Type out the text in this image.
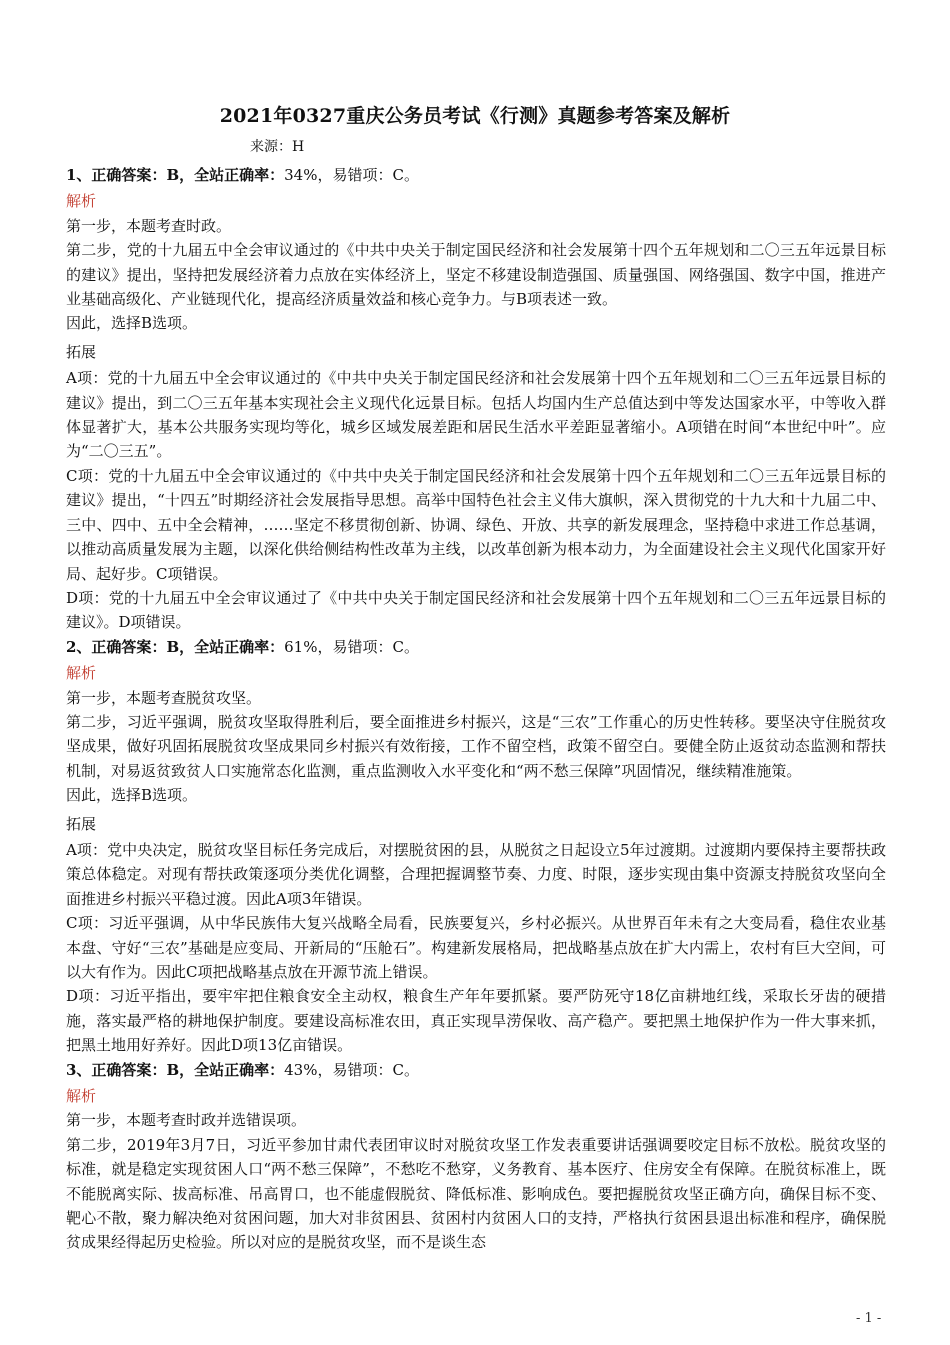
2021年0327重庆公务员考试《行测》真题参考答案及解析
来源：H

1、正确答案：B，全站正确率：34%，易错项：C。

解析

第一步，本题考查时政。

第二步，党的十九届五中全会审议通过的《中共中央关于制定国民经济和社会发展第十四个五年规划和二〇三五年远景目标的建议》提出，坚持把发展经济着力点放在实体经济上，坚定不移建设制造强国、质量强国、网络强国、数字中国，推进产业基础高级化、产业链现代化，提高经济质量效益和核心竞争力。与B项表述一致。

因此，选择B选项。

拓展

A项：党的十九届五中全会审议通过的《中共中央关于制定国民经济和社会发展第十四个五年规划和二〇三五年远景目标的建议》提出，到二〇三五年基本实现社会主义现代化远景目标。包括人均国内生产总值达到中等发达国家水平，中等收入群体显著扩大，基本公共服务实现均等化，城乡区域发展差距和居民生活水平差距显著缩小。A项错在时间“本世纪中叶”。应为“二〇三五”。

C项：党的十九届五中全会审议通过的《中共中央关于制定国民经济和社会发展第十四个五年规划和二〇三五年远景目标的建议》提出，“十四五”时期经济社会发展指导思想。高举中国特色社会主义伟大旗帜，深入贯彻党的十九大和十九届二中、三中、四中、五中全会精神，……坚定不移贯彻创新、协调、绿色、开放、共享的新发展理念，坚持稳中求进工作总基调，以推动高质量发展为主题，以深化供给侧结构性改革为主线，以改革创新为根本动力，为全面建设社会主义现代化国家开好局、起好步。C项错误。

D项：党的十九届五中全会审议通过了《中共中央关于制定国民经济和社会发展第十四个五年规划和二〇三五年远景目标的建议》。D项错误。

2、正确答案：B，全站正确率：61%，易错项：C。

解析

第一步，本题考查脱贫攻坚。

第二步，习近平强调，脱贫攻坚取得胜利后，要全面推进乡村振兴，这是“三农”工作重心的历史性转移。要坚决守住脱贫攻坚成果，做好巩固拓展脱贫攻坚成果同乡村振兴有效衔接，工作不留空档，政策不留空白。要健全防止返贫动态监测和帮扶机制，对易返贫致贫人口实施常态化监测，重点监测收入水平变化和“两不愁三保障”巩固情况，继续精准施策。

因此，选择B选项。

拓展

A项：党中央决定，脱贫攻坚目标任务完成后，对摆脱贫困的县，从脱贫之日起设立5年过渡期。过渡期内要保持主要帮扶政策总体稳定。对现有帮扶政策逐项分类优化调整，合理把握调整节奏、力度、时限，逐步实现由集中资源支持脱贫攻坚向全面推进乡村振兴平稳过渡。因此A项3年错误。

C项：习近平强调，从中华民族伟大复兴战略全局看，民族要复兴，乡村必振兴。从世界百年未有之大变局看，稳住农业基本盘、守好“三农”基础是应变局、开新局的“压舱石”。构建新发展格局，把战略基点放在扩大内需上，农村有巨大空间，可以大有作为。因此C项把战略基点放在开源节流上错误。

D项：习近平指出，要牢牢把住粮食安全主动权，粮食生产年年要抓紧。要严防死守18亿亩耕地红线，采取长牙齿的硬措施，落实最严格的耕地保护制度。要建设高标准农田，真正实现旱涝保收、高产稳产。要把黑土地保护作为一件大事来抓，把黑土地用好养好。因此D项13亿亩错误。

3、正确答案：B，全站正确率：43%，易错项：C。

解析

第一步，本题考查时政并选错误项。

第二步，2019年3月7日，习近平参加甘肃代表团审议时对脱贫攻坚工作发表重要讲话强调要咬定目标不放松。脱贫攻坚的标准，就是稳定实现贫困人口“两不愁三保障”，不愁吃不愁穿，义务教育、基本医疗、住房安全有保障。在脱贫标准上，既不能脱离实际、拔高标准、吊高胃口，也不能虚假脱贫、降低标准、影响成色。要把握脱贫攻坚正确方向，确保目标不变、靶心不散，聚力解决绝对贫困问题，加大对非贫困县、贫困村内贫困人口的支持，严格执行贫困县退出标准和程序，确保脱贫成果经得起历史检验。所以对应的是脱贫攻坚，而不是谈生态

- 1 -
